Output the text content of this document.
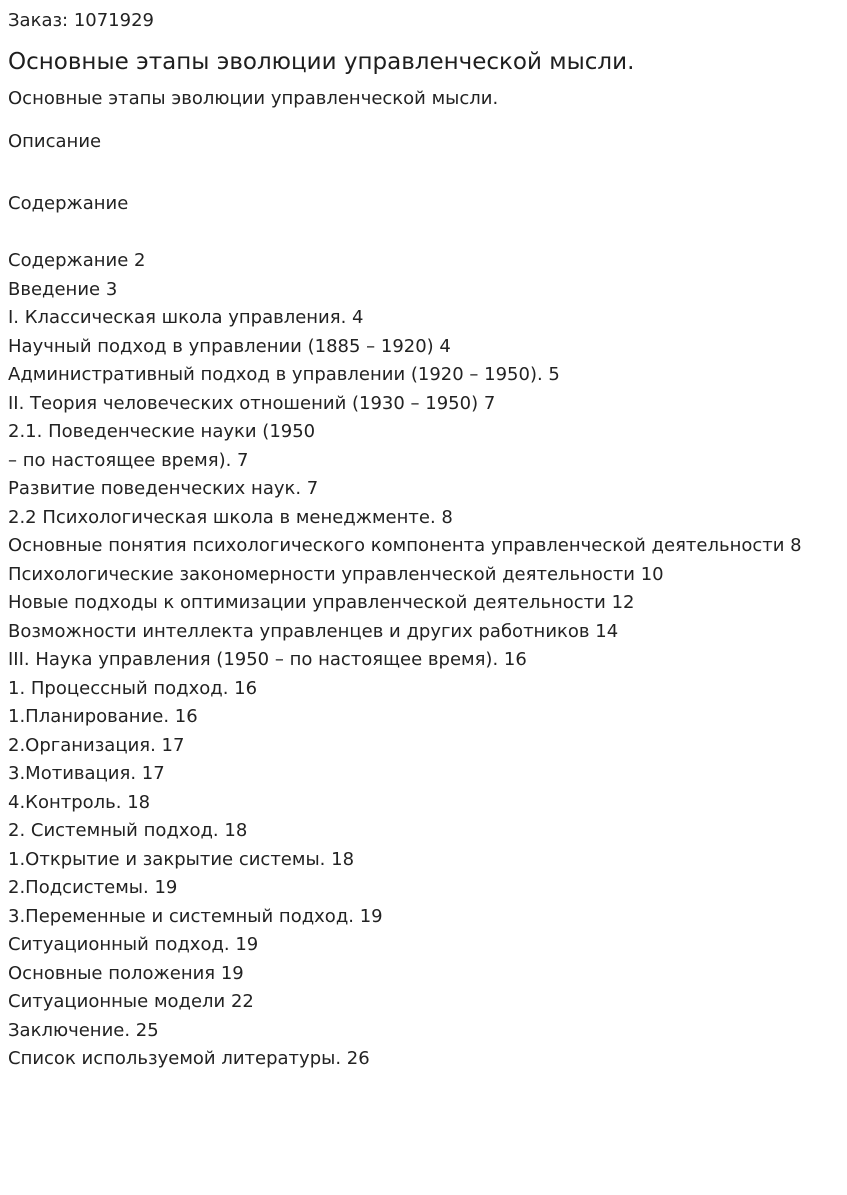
Заказ: 1071929

Основные этапы эволюции управленческой мысли.

Основные этапы эволюции управленческой мысли.

Описание

Содержание

Содержание 2
Введение 3
I. Классическая школа управления. 4
Научный подход в управлении (1885 – 1920) 4
Административный подход в управлении (1920 – 1950). 5
II. Теория человеческих отношений (1930 – 1950) 7
2.1. Поведенческие науки (1950
– по настоящее время). 7
Развитие поведенческих наук. 7
2.2 Психологическая школа в менеджменте. 8
Основные понятия психологического компонента управленческой деятельности 8
Психологические закономерности управленческой деятельности 10
Новые подходы к оптимизации управленческой деятельности 12
Возможности интеллекта управленцев и других работников 14
III. Наука управления (1950 – по настоящее время). 16
1. Процессный подход. 16
1.Планирование. 16
2.Организация. 17
3.Мотивация. 17
4.Контроль. 18
2. Системный подход. 18
1.Открытие и закрытие системы. 18
2.Подсистемы. 19
3.Переменные и системный подход. 19
Ситуационный подход. 19
Основные положения 19
Ситуационные модели 22
Заключение. 25
Список используемой литературы. 26
